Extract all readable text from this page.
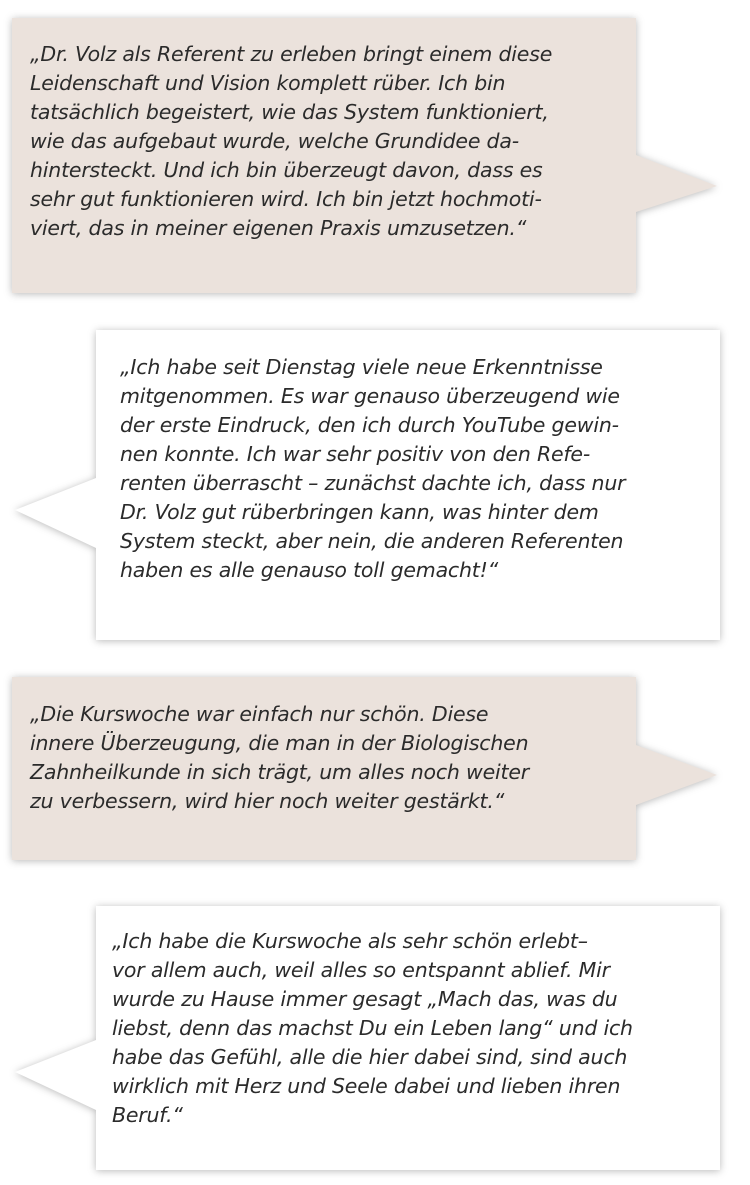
„Dr. Volz als Referent zu erleben bringt einem diese
Leidenschaft und Vision komplett rüber. Ich bin
tatsächlich begeistert, wie das System funktioniert,
wie das aufgebaut wurde, welche Grundidee da-
hintersteckt. Und ich bin überzeugt davon, dass es
sehr gut funktionieren wird. Ich bin jetzt hochmoti-
viert, das in meiner eigenen Praxis umzusetzen.“

„Ich habe seit Dienstag viele neue Erkenntnisse
mitgenommen. Es war genauso überzeugend wie
der erste Eindruck, den ich durch YouTube gewin-
nen konnte. Ich war sehr positiv von den Refe-
renten überrascht – zunächst dachte ich, dass nur
Dr. Volz gut rüberbringen kann, was hinter dem
System steckt, aber nein, die anderen Referenten
haben es alle genauso toll gemacht!“

„Die Kurswoche war einfach nur schön. Diese
innere Überzeugung, die man in der Biologischen
Zahnheilkunde in sich trägt, um alles noch weiter
zu verbessern, wird hier noch weiter gestärkt.“

„Ich habe die Kurswoche als sehr schön erlebt–
vor allem auch, weil alles so entspannt ablief. Mir
wurde zu Hause immer gesagt „Mach das, was du
liebst, denn das machst Du ein Leben lang“ und ich
habe das Gefühl, alle die hier dabei sind, sind auch
wirklich mit Herz und Seele dabei und lieben ihren
Beruf.“
